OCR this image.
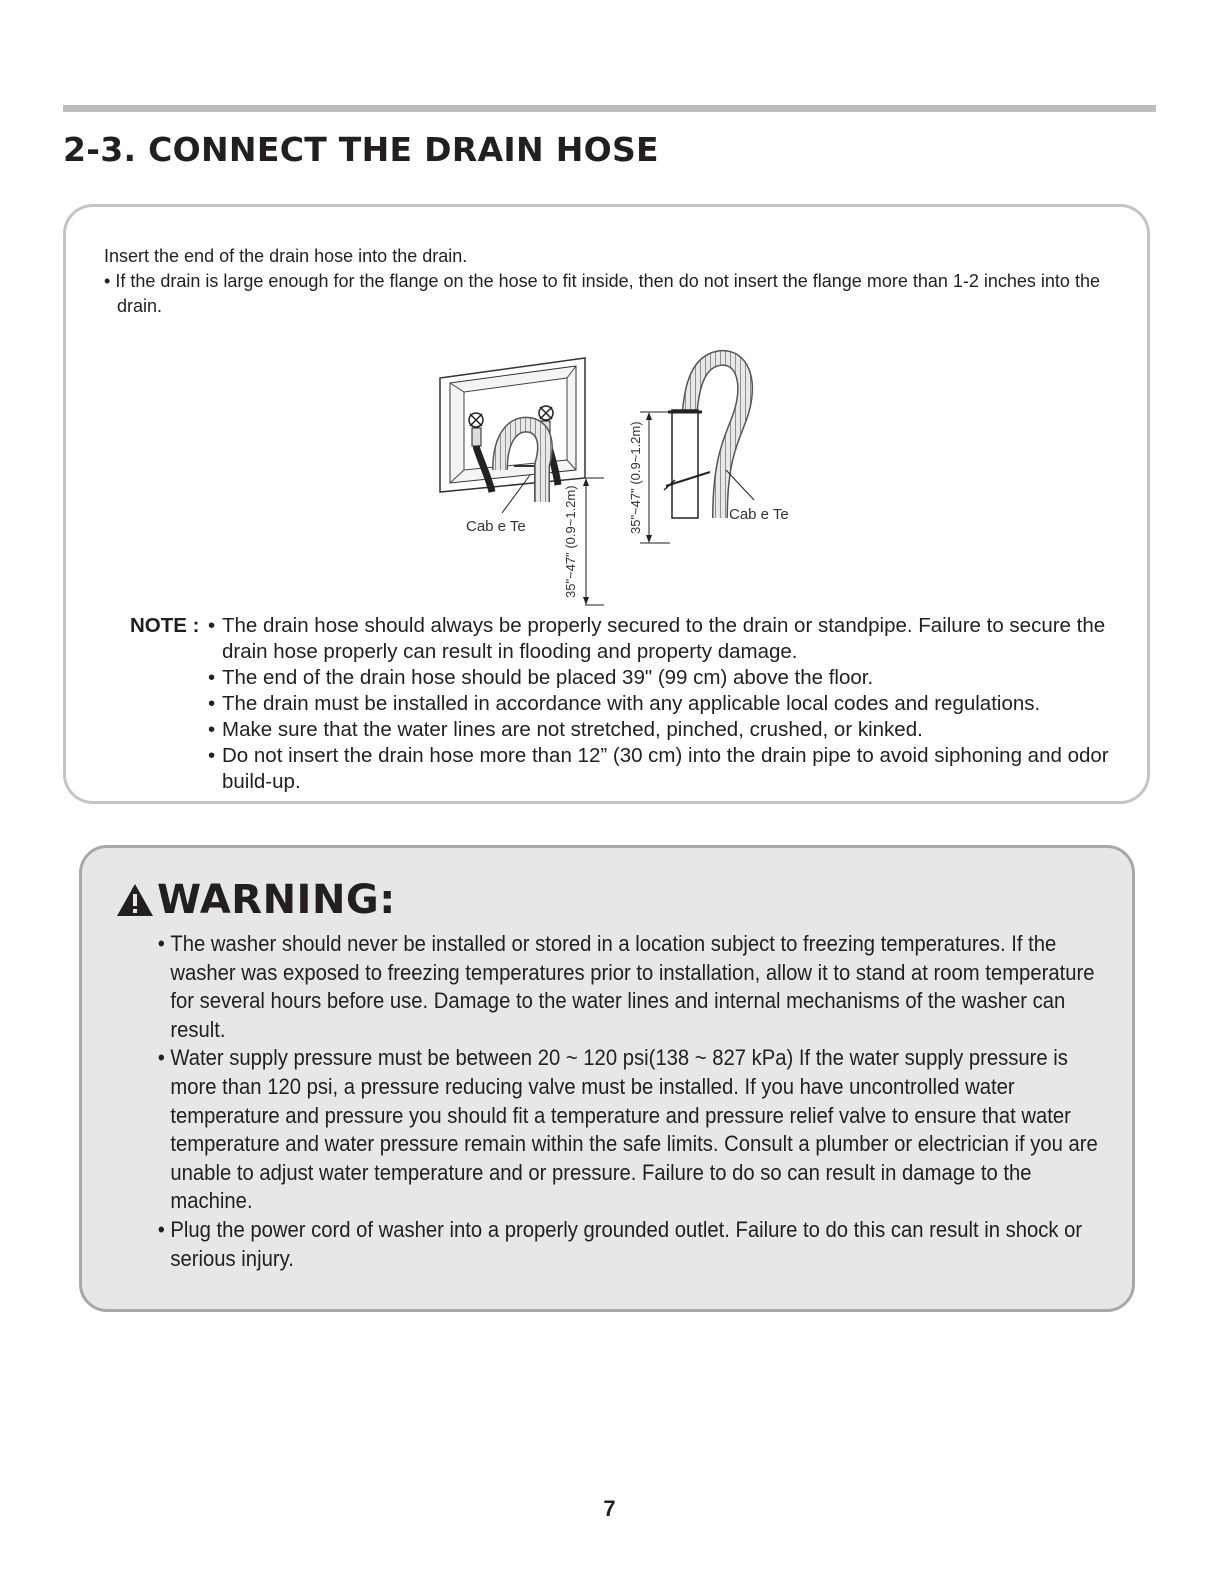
2-3. CONNECT THE DRAIN HOSE

Insert the end of the drain hose into the drain.

• If the drain is large enough for the flange on the hose to fit inside, then do not insert the flange more than 1-2 inches into the drain.

Cab e Te	35"~47" (0.9~1.2m)	Cab e Te
35"~47" (0.9~1.2m)
NOTE :
•	The drain hose should always be properly secured to the drain or standpipe. Failure to secure the drain hose properly can result in flooding and property damage.
• The end of the drain hose should be placed 39" (99 cm) above the floor.
• The drain must be installed in accordance with any applicable local codes and regulations.
• Make sure that the water lines are not stretched, pinched, crushed, or kinked.
• Do not insert the drain hose more than 12” (30 cm) into the drain pipe to avoid siphoning and odor build-up.
WARNING:
• The washer should never be installed or stored in a location subject to freezing temperatures. If the washer was exposed to freezing temperatures prior to installation, allow it to stand at room temperature for several hours before use. Damage to the water lines and internal mechanisms of the washer can result.
• Water supply pressure must be between 20 ~ 120 psi(138 ~ 827 kPa) If the water supply pressure is more than 120 psi, a pressure reducing valve must be installed. If you have uncontrolled water temperature and pressure you should fit a temperature and pressure relief valve to ensure that water temperature and water pressure remain within the safe limits. Consult a plumber or electrician if you are unable to adjust water temperature and or pressure. Failure to do so can result in damage to the machine.
• Plug the power cord of washer into a properly grounded outlet. Failure to do this can result in shock or serious injury.
7
